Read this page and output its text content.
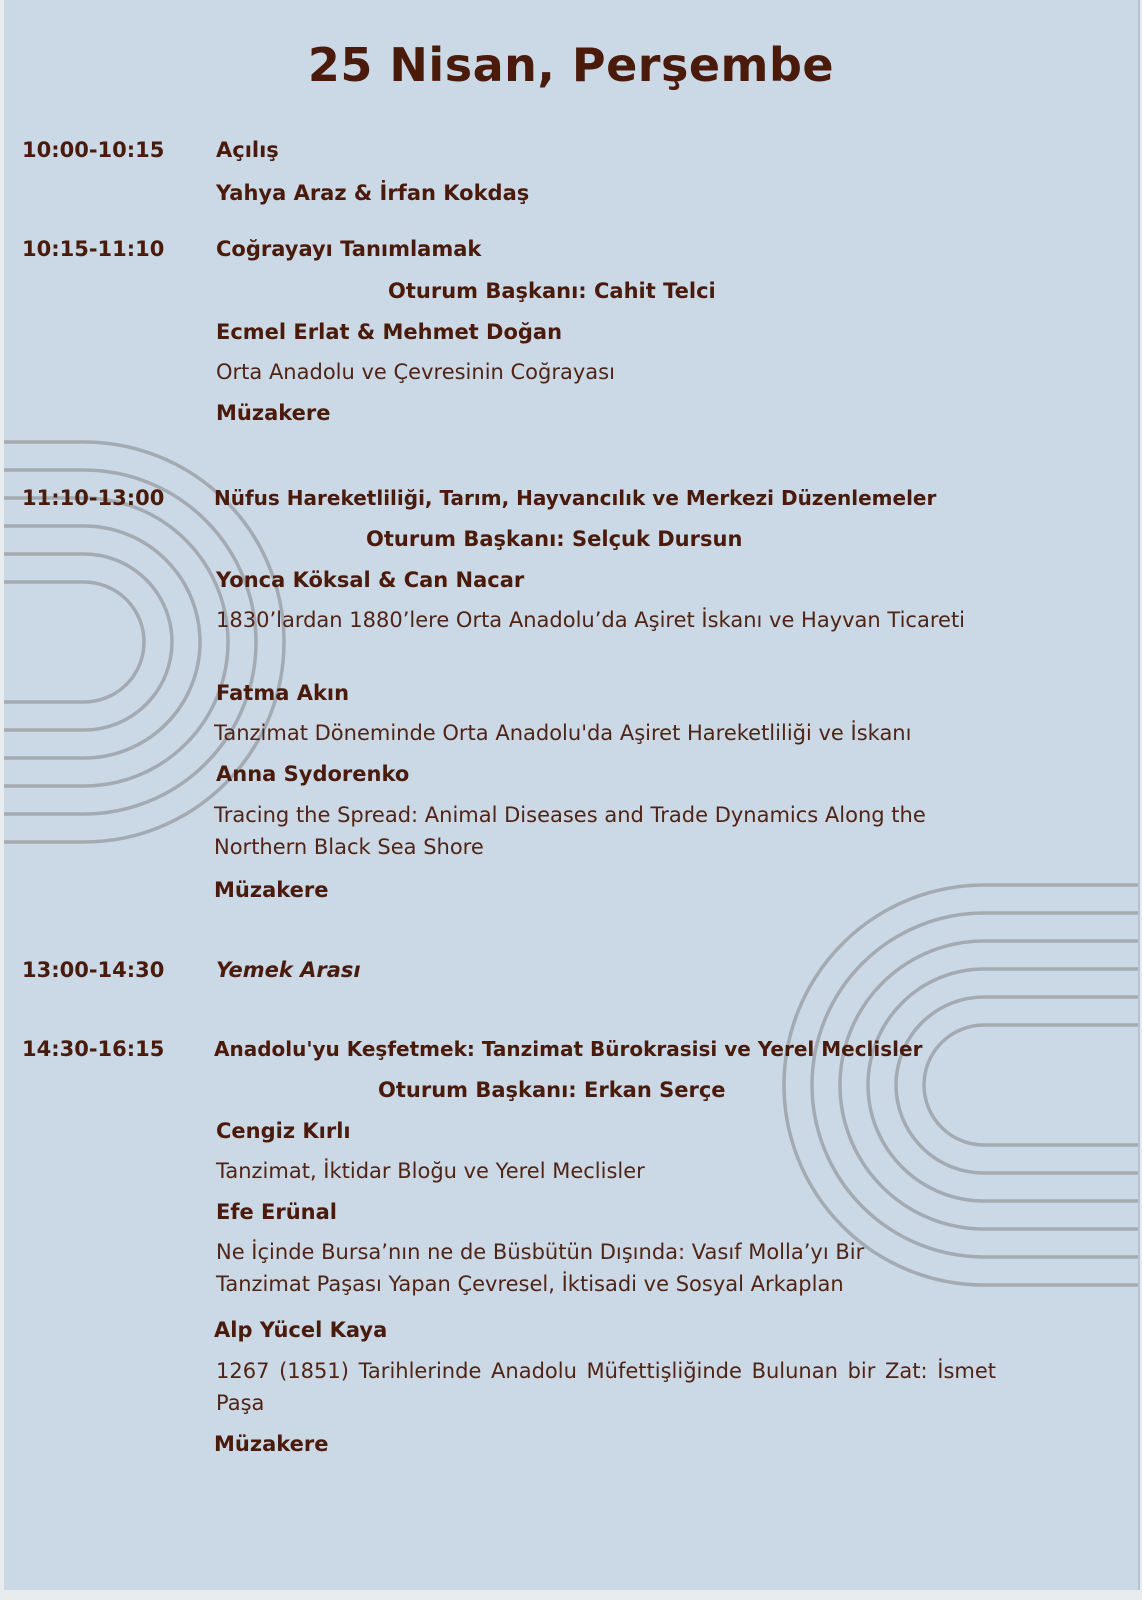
25 Nisan, Perşembe
10:00-10:15 Açılış
Yahya Araz & İrfan Kokdaş
10:15-11:10 Coğrayayı Tanımlamak
Oturum Başkanı: Cahit Telci
Ecmel Erlat & Mehmet Doğan
Orta Anadolu ve Çevresinin Coğrayası
Müzakere
11:10-13:00 Nüfus Hareketliliği, Tarım, Hayvancılık ve Merkezi Düzenlemeler
Oturum Başkanı: Selçuk Dursun
Yonca Köksal & Can Nacar
1830’lardan 1880’lere Orta Anadolu’da Aşiret İskanı ve Hayvan Ticareti
Fatma Akın
Tanzimat Döneminde Orta Anadolu'da Aşiret Hareketliliği ve İskanı
Anna Sydorenko
Tracing the Spread: Animal Diseases and Trade Dynamics Along the Northern Black Sea Shore
Müzakere
13:00-14:30 Yemek Arası
14:30-16:15 Anadolu'yu Keşfetmek: Tanzimat Bürokrasisi ve Yerel Meclisler
Oturum Başkanı: Erkan Serçe
Cengiz Kırlı
Tanzimat, İktidar Bloğu ve Yerel Meclisler
Efe Erünal
Ne İçinde Bursa’nın ne de Büsbütün Dışında: Vasıf Molla’yı Bir Tanzimat Paşası Yapan Çevresel, İktisadi ve Sosyal Arkaplan
Alp Yücel Kaya
1267 (1851) Tarihlerinde Anadolu Müfettişliğinde Bulunan bir Zat: İsmet Paşa
Müzakere
